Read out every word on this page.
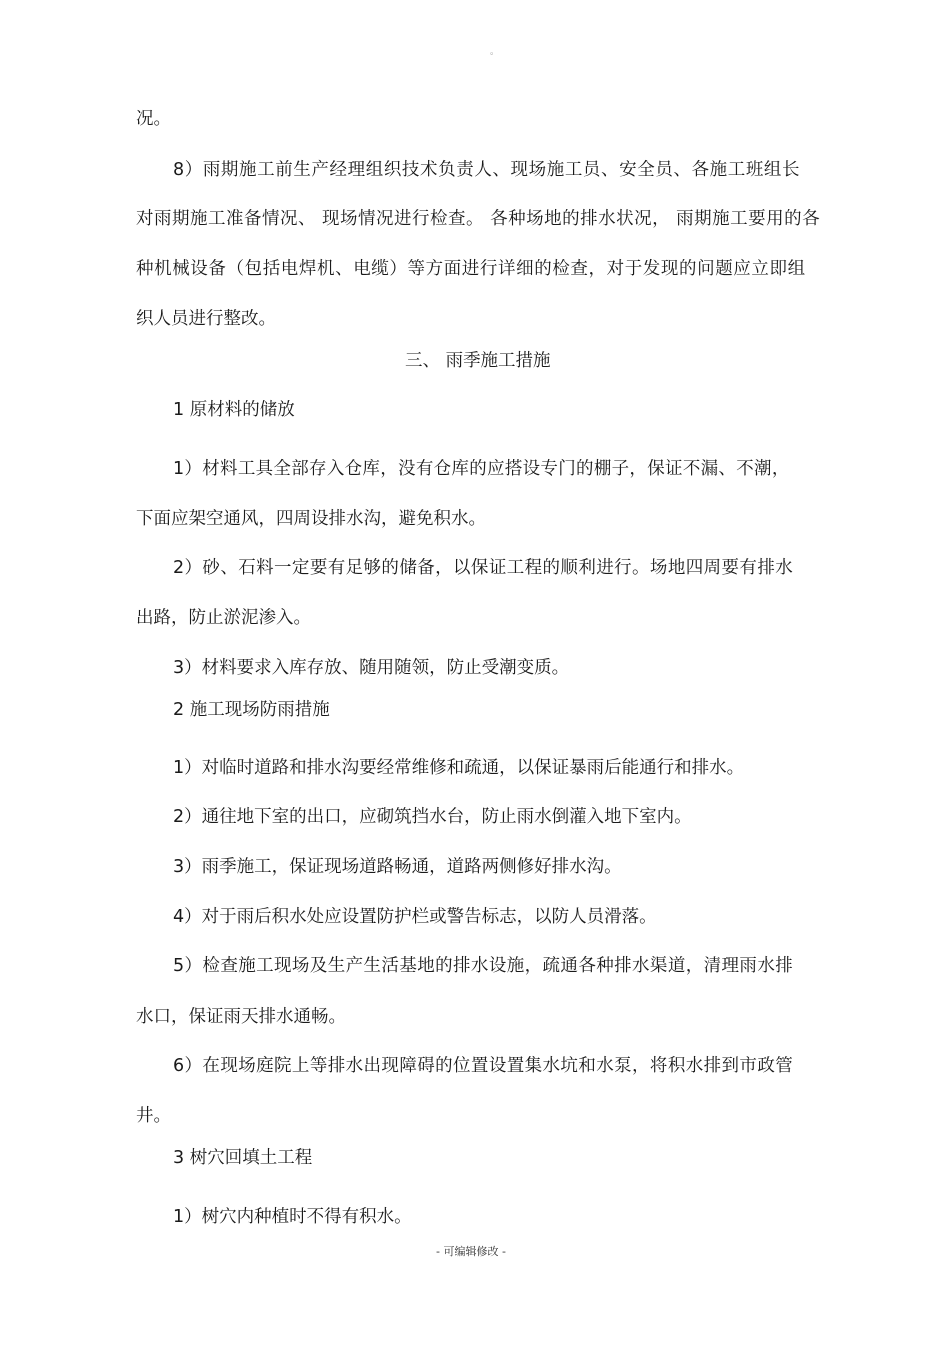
。
况。
8）雨期施工前生产经理组织技术负责人、现场施工员、安全员、各施工班组长
对雨期施工准备情况、 现场情况进行检查。 各种场地的排水状况， 雨期施工要用的各
种机械设备（包括电焊机、电缆）等方面进行详细的检查，对于发现的问题应立即组
织人员进行整改。
三、 雨季施工措施
1 原材料的储放
1）材料工具全部存入仓库，没有仓库的应搭设专门的棚子，保证不漏、不潮，
下面应架空通风，四周设排水沟，避免积水。
2）砂、石料一定要有足够的储备，以保证工程的顺利进行。场地四周要有排水
出路，防止淤泥渗入。
3）材料要求入库存放、随用随领，防止受潮变质。
2 施工现场防雨措施
1）对临时道路和排水沟要经常维修和疏通，以保证暴雨后能通行和排水。
2）通往地下室的出口，应砌筑挡水台，防止雨水倒灌入地下室内。
3）雨季施工，保证现场道路畅通，道路两侧修好排水沟。
4）对于雨后积水处应设置防护栏或警告标志，以防人员滑落。
5）检查施工现场及生产生活基地的排水设施，疏通各种排水渠道，清理雨水排
水口，保证雨天排水通畅。
6）在现场庭院上等排水出现障碍的位置设置集水坑和水泵，将积水排到市政管
井。
3 树穴回填土工程
1）树穴内种植时不得有积水。
- 可编辑修改 -
